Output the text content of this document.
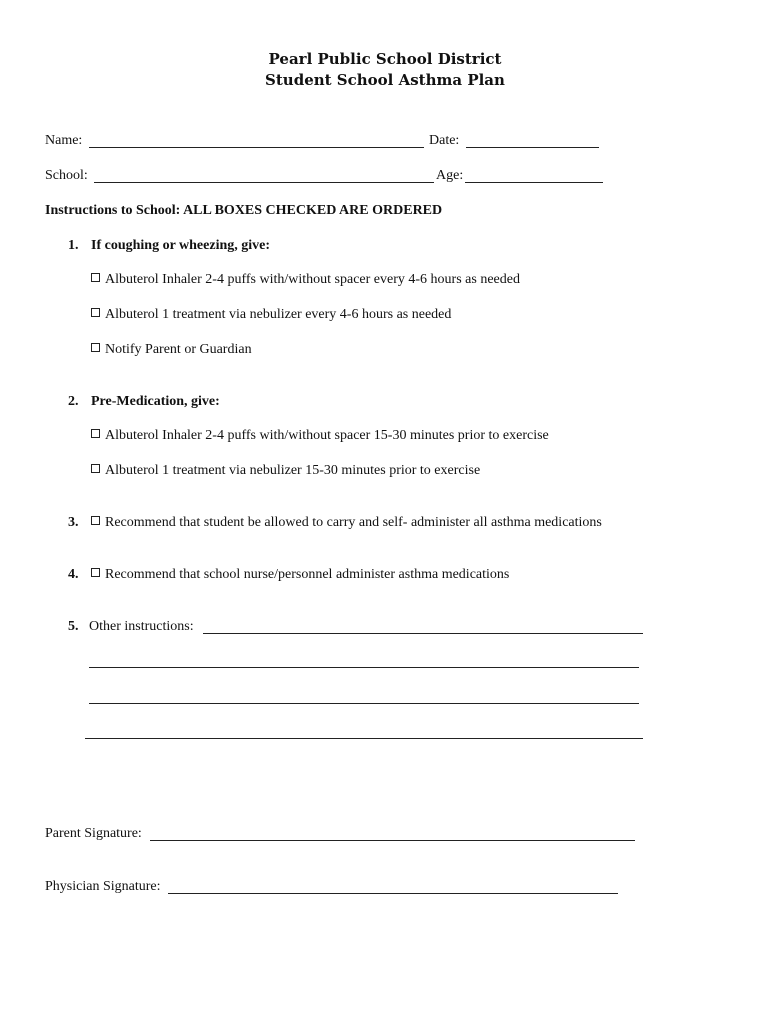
Pearl Public School District
Student School Asthma Plan
Name:	Date:
School:	Age:
Instructions to School: ALL BOXES CHECKED ARE ORDERED
1. If coughing or wheezing, give:
Albuterol Inhaler 2-4 puffs with/without spacer every 4-6 hours as needed
Albuterol 1 treatment via nebulizer every 4-6 hours as needed
Notify Parent or Guardian
2. Pre-Medication, give:
Albuterol Inhaler 2-4 puffs with/without spacer 15-30 minutes prior to exercise
Albuterol 1 treatment via nebulizer 15-30 minutes prior to exercise
3.	Recommend that student be allowed to carry and self- administer all asthma medications
4.	Recommend that school nurse/personnel administer asthma medications
5. Other instructions:
Parent Signature:
Physician Signature:
